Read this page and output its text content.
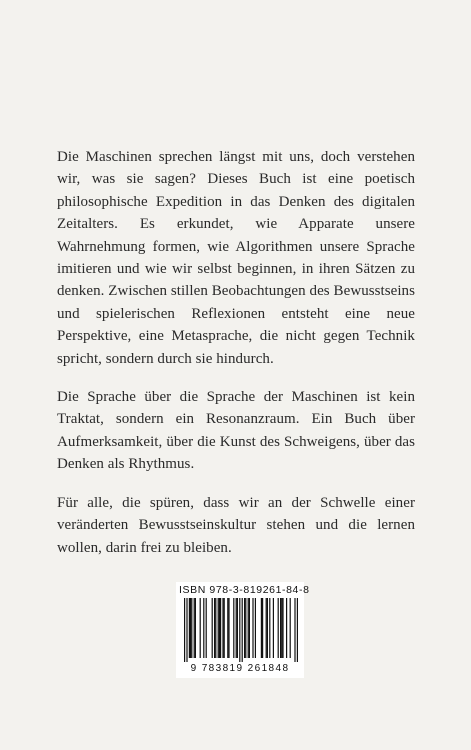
Die Maschinen sprechen längst mit uns, doch verstehen wir, was sie sagen? Dieses Buch ist eine poetisch philosophische Expedition in das Denken des digitalen Zeitalters. Es erkundet, wie Apparate unsere Wahrnehmung formen, wie Algorithmen unsere Sprache imitieren und wie wir selbst beginnen, in ihren Sätzen zu denken. Zwischen stillen Beobachtungen des Bewusstseins und spielerischen Reflexionen entsteht eine neue Perspektive, eine Metasprache, die nicht gegen Technik spricht, sondern durch sie hindurch.

Die Sprache über die Sprache der Maschinen ist kein Traktat, sondern ein Resonanzraum. Ein Buch über Aufmerksamkeit, über die Kunst des Schweigens, über das Denken als Rhythmus.

Für alle, die spüren, dass wir an der Schwelle einer veränderten Bewusstseinskultur stehen und die lernen wollen, darin frei zu bleiben.

ISBN 978-3-819261-84-8
9 783819 261848
